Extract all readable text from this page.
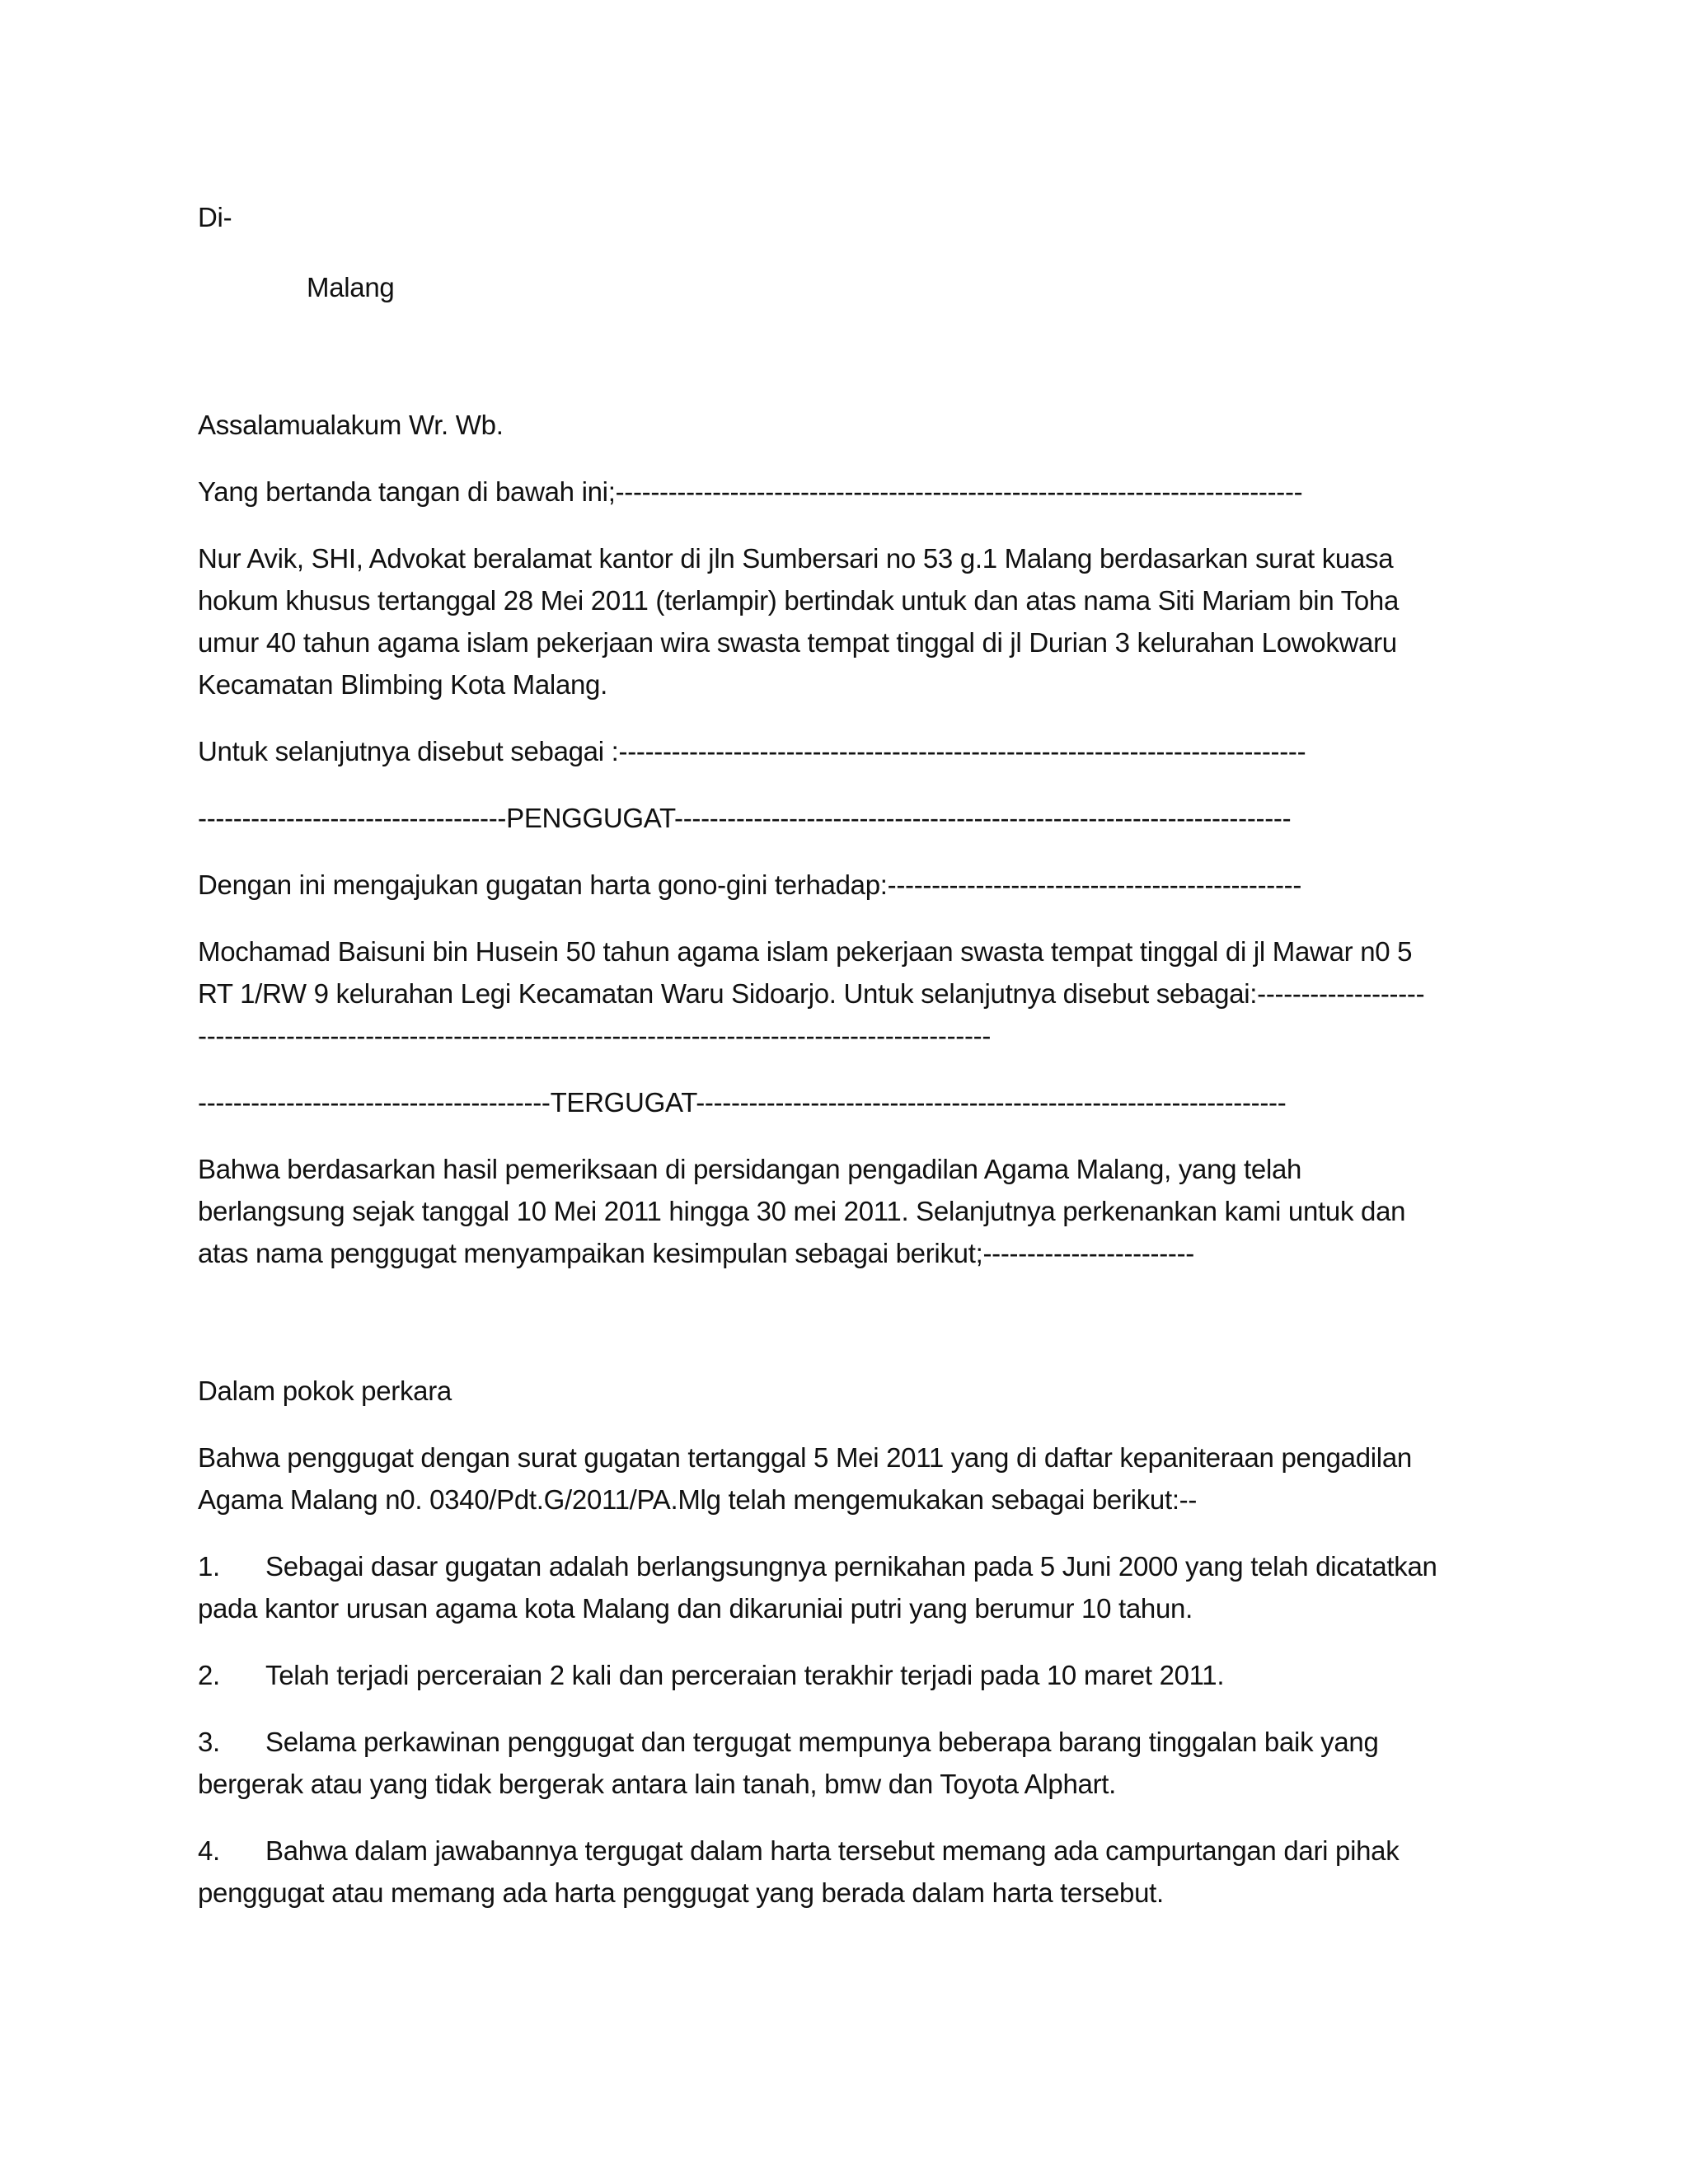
Di-

Malang

Assalamualakum Wr. Wb.

Yang bertanda tangan di bawah ini;------------------------------------------------------------------------------

Nur Avik, SHI, Advokat beralamat kantor di jln Sumbersari no 53 g.1 Malang berdasarkan surat kuasa

hokum khusus tertanggal 28 Mei 2011 (terlampir) bertindak untuk dan atas nama Siti Mariam bin Toha

umur 40 tahun agama islam pekerjaan wira swasta tempat tinggal di jl Durian 3 kelurahan Lowokwaru

Kecamatan Blimbing Kota Malang.

Untuk selanjutnya disebut sebagai :------------------------------------------------------------------------------

-----------------------------------PENGGUGAT----------------------------------------------------------------------

Dengan ini mengajukan gugatan harta gono-gini terhadap:-----------------------------------------------

Mochamad Baisuni bin Husein 50 tahun agama islam pekerjaan swasta tempat tinggal di jl Mawar n0 5

RT 1/RW 9 kelurahan Legi Kecamatan Waru Sidoarjo. Untuk selanjutnya disebut sebagai:-------------------

------------------------------------------------------------------------------------------

----------------------------------------TERGUGAT-------------------------------------------------------------------

Bahwa berdasarkan hasil pemeriksaan di persidangan pengadilan Agama Malang, yang telah

berlangsung sejak tanggal 10 Mei 2011 hingga 30 mei 2011. Selanjutnya perkenankan kami untuk dan

atas nama penggugat menyampaikan kesimpulan sebagai berikut;------------------------

Dalam pokok perkara

Bahwa penggugat dengan surat gugatan tertanggal 5 Mei 2011 yang di daftar kepaniteraan pengadilan

Agama Malang n0. 0340/Pdt.G/2011/PA.Mlg telah mengemukakan sebagai berikut:--

1. Sebagai dasar gugatan adalah berlangsungnya pernikahan pada 5 Juni 2000 yang telah dicatatkan

pada kantor urusan agama kota Malang dan dikaruniai putri yang berumur 10 tahun.

2. Telah terjadi perceraian 2 kali dan perceraian terakhir terjadi pada 10 maret 2011.

3. Selama perkawinan penggugat dan tergugat mempunya beberapa barang tinggalan baik yang

bergerak atau yang tidak bergerak antara lain tanah, bmw dan Toyota Alphart.

4. Bahwa dalam jawabannya tergugat dalam harta tersebut memang ada campurtangan dari pihak

penggugat atau memang ada harta penggugat yang berada dalam harta tersebut.
